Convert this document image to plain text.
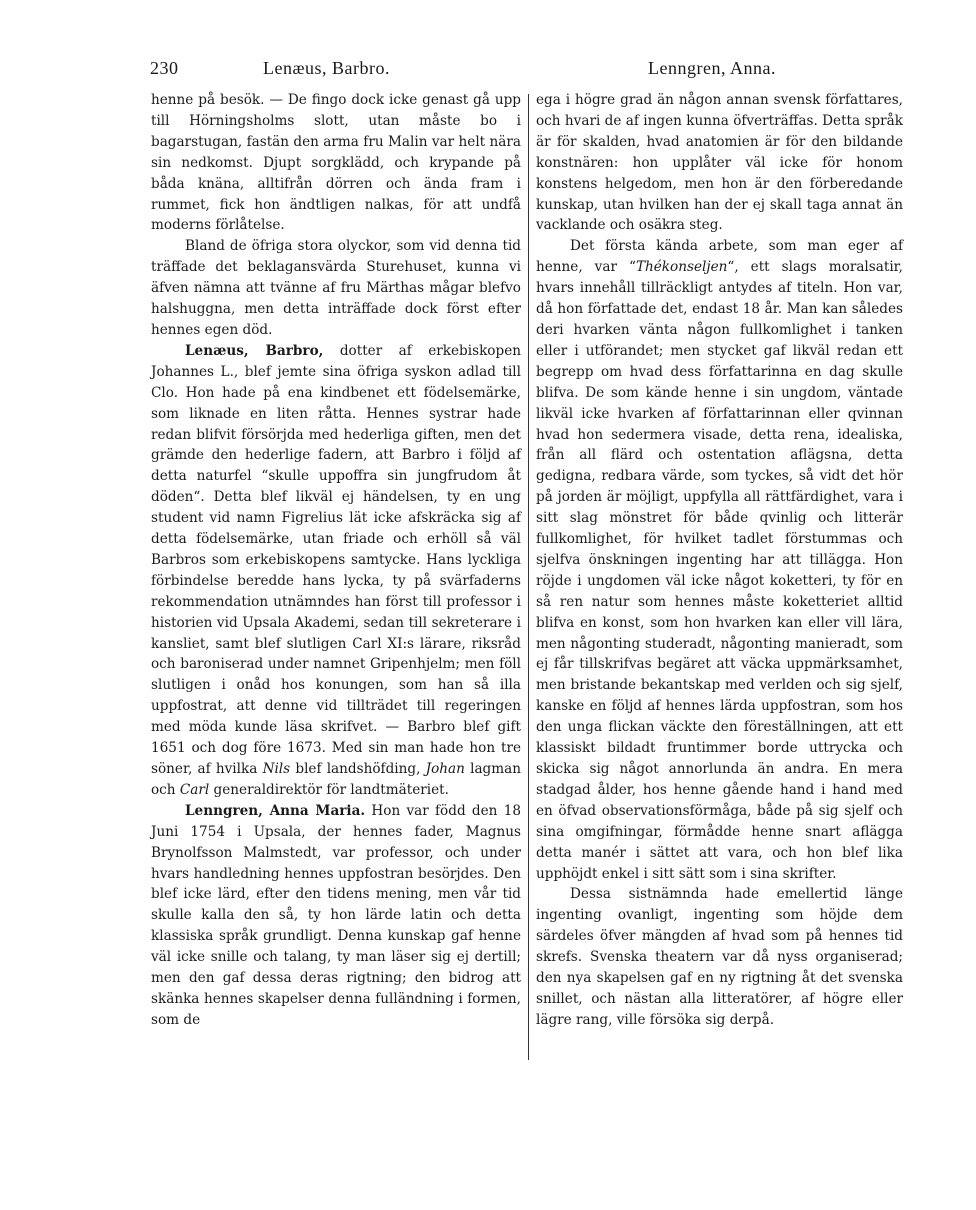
230	Lenæus, Barbro.	Lenngren, Anna.

henne på besök. — De fingo dock icke genast gå upp till Hörningsholms slott, utan måste bo i bagarstugan, fastän den arma fru Malin var helt nära sin nedkomst. Djupt sorgklädd, och krypande på båda knäna, alltifrån dörren och ända fram i rummet, fick hon ändtligen nalkas, för att undfå moderns förlåtelse.

Bland de öfriga stora olyckor, som vid denna tid träffade det beklagansvärda Sturehuset, kunna vi äfven nämna att tvänne af fru Märthas mågar blefvo halshuggna, men detta inträffade dock först efter hennes egen död.

Lenæus, Barbro, dotter af erkebiskopen Johannes L., blef jemte sina öfriga syskon adlad till Clo. Hon hade på ena kindbenet ett födelsemärke, som liknade en liten råtta. Hennes systrar hade redan blifvit försörjda med hederliga giften, men det grämde den hederlige fadern, att Barbro i följd af detta naturfel “skulle uppoffra sin jungfrudom åt döden“. Detta blef likväl ej händelsen, ty en ung student vid namn Figrelius lät icke afskräcka sig af detta födelsemärke, utan friade och erhöll så väl Barbros som erkebiskopens samtycke. Hans lyckliga förbindelse beredde hans lycka, ty på svärfaderns rekommendation utnämndes han först till professor i historien vid Upsala Akademi, sedan till sekreterare i kansliet, samt blef slutligen Carl XI:s lärare, riksråd och baroniserad under namnet Gripenhjelm; men föll slutligen i onåd hos konungen, som han så illa uppfostrat, att denne vid tillträdet till regeringen med möda kunde läsa skrifvet. — Barbro blef gift 1651 och dog före 1673. Med sin man hade hon tre söner, af hvilka Nils blef landshöfding, Johan lagman och Carl generaldirektör för landtmäteriet.

Lenngren, Anna Maria. Hon var född den 18 Juni 1754 i Upsala, der hennes fader, Magnus Brynolfsson Malmstedt, var professor, och under hvars handledning hennes uppfostran besörjdes. Den blef icke lärd, efter den tidens mening, men vår tid skulle kalla den så, ty hon lärde latin och detta klassiska språk grundligt. Denna kunskap gaf henne väl icke snille och talang, ty man läser sig ej dertill; men den gaf dessa deras rigtning; den bidrog att skänka hennes skapelser denna fulländning i formen, som de

ega i högre grad än någon annan svensk författares, och hvari de af ingen kunna öfverträffas. Detta språk är för skalden, hvad anatomien är för den bildande konstnären: hon upplåter väl icke för honom konstens helgedom, men hon är den förberedande kunskap, utan hvilken han der ej skall taga annat än vacklande och osäkra steg.

Det första kända arbete, som man eger af henne, var “Thékonseljen“, ett slags moralsatir, hvars innehåll tillräckligt antydes af titeln. Hon var, då hon författade det, endast 18 år. Man kan således deri hvarken vänta någon fullkomlighet i tanken eller i utförandet; men stycket gaf likväl redan ett begrepp om hvad dess författarinna en dag skulle blifva. De som kände henne i sin ungdom, väntade likväl icke hvarken af författarinnan eller qvinnan hvad hon sedermera visade, detta rena, idealiska, från all flärd och ostentation aflägsna, detta gedigna, redbara värde, som tyckes, så vidt det hör på jorden är möjligt, uppfylla all rättfärdighet, vara i sitt slag mönstret för både qvinlig och litterär fullkomlighet, för hvilket tadlet förstummas och sjelfva önskningen ingenting har att tillägga. Hon röjde i ungdomen väl icke något koketteri, ty för en så ren natur som hennes måste koketteriet alltid blifva en konst, som hon hvarken kan eller vill lära, men någonting studeradt, någonting manieradt, som ej får tillskrifvas begäret att väcka uppmärksamhet, men bristande bekantskap med verlden och sig sjelf, kanske en följd af hennes lärda uppfostran, som hos den unga flickan väckte den föreställningen, att ett klassiskt bildadt fruntimmer borde uttrycka och skicka sig något annorlunda än andra. En mera stadgad ålder, hos henne gående hand i hand med en öfvad observationsförmåga, både på sig sjelf och sina omgifningar, förmådde henne snart aflägga detta manér i sättet att vara, och hon blef lika upphöjdt enkel i sitt sätt som i sina skrifter.

Dessa sistnämnda hade emellertid länge ingenting ovanligt, ingenting som höjde dem särdeles öfver mängden af hvad som på hennes tid skrefs. Svenska theatern var då nyss organiserad; den nya skapelsen gaf en ny rigtning åt det svenska snillet, och nästan alla litteratörer, af högre eller lägre rang, ville försöka sig derpå.
